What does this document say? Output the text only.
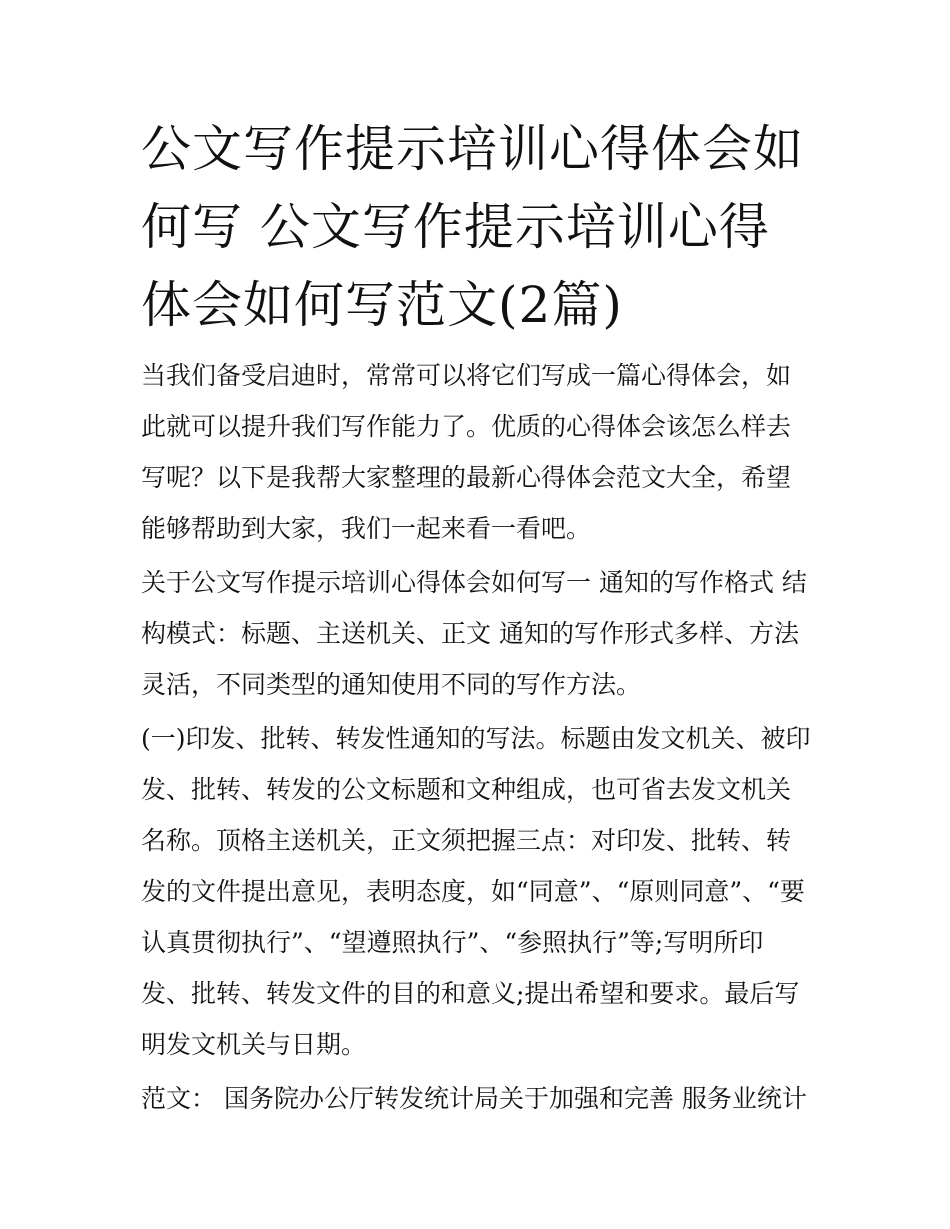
公文写作提示培训心得体会如何写 公文写作提示培训心得体会如何写范文(2篇)

当我们备受启迪时，常常可以将它们写成一篇心得体会，如此就可以提升我们写作能力了。优质的心得体会该怎么样去写呢？以下是我帮大家整理的最新心得体会范文大全，希望能够帮助到大家，我们一起来看一看吧。

关于公文写作提示培训心得体会如何写一 通知的写作格式 结构模式：标题、主送机关、正文 通知的写作形式多样、方法灵活，不同类型的通知使用不同的写作方法。

(一)印发、批转、转发性通知的写法。标题由发文机关、被印发、批转、转发的公文标题和文种组成，也可省去发文机关名称。顶格主送机关，正文须把握三点：对印发、批转、转发的文件提出意见，表明态度，如“同意”、“原则同意”、“要认真贯彻执行”、“望遵照执行”、“参照执行”等;写明所印发、批转、转发文件的目的和意义;提出希望和要求。最后写明发文机关与日期。

范文： 国务院办公厅转发统计局关于加强和完善 服务业统计
